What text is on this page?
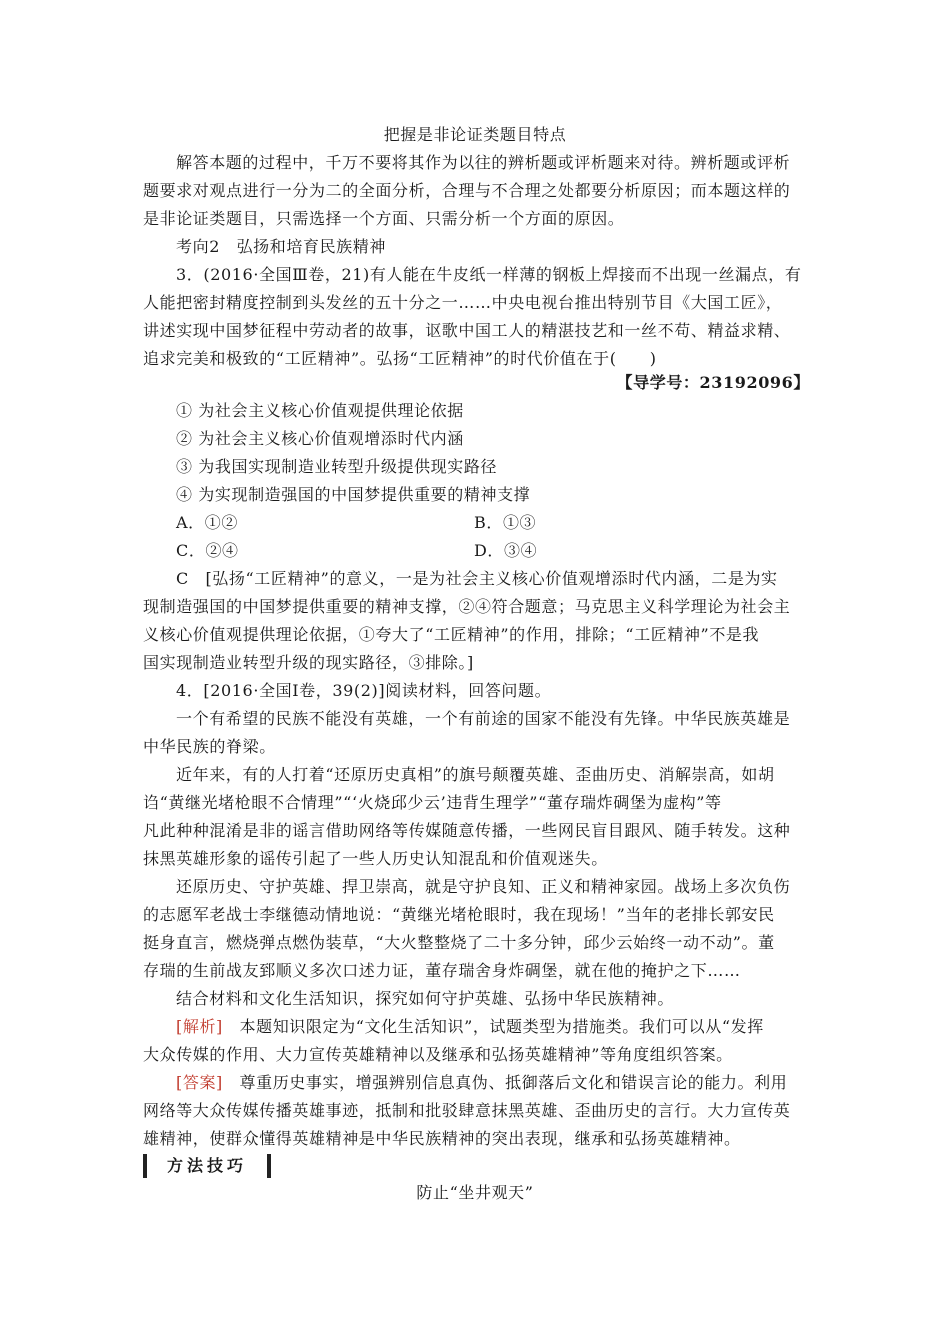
把握是非论证类题目特点
解答本题的过程中，千万不要将其作为以往的辨析题或评析题来对待。辨析题或评析
题要求对观点进行一分为二的全面分析，合理与不合理之处都要分析原因；而本题这样的
是非论证类题目，只需选择一个方面、只需分析一个方面的原因。
考向2　弘扬和培育民族精神
3．(2016·全国Ⅲ卷，21)有人能在牛皮纸一样薄的钢板上焊接而不出现一丝漏点，有
人能把密封精度控制到头发丝的五十分之一……中央电视台推出特别节目《大国工匠》，
讲述实现中国梦征程中劳动者的故事，讴歌中国工人的精湛技艺和一丝不苟、精益求精、
追求完美和极致的“工匠精神”。弘扬“工匠精神”的时代价值在于(　　)
【导学号：23192096】
① 为社会主义核心价值观提供理论依据
② 为社会主义核心价值观增添时代内涵
③ 为我国实现制造业转型升级提供现实路径
④ 为实现制造强国的中国梦提供重要的精神支撑
A．①②	B．①③
C．②④	D．③④
C　[弘扬“工匠精神”的意义，一是为社会主义核心价值观增添时代内涵，二是为实
现制造强国的中国梦提供重要的精神支撑，②④符合题意；马克思主义科学理论为社会主
义核心价值观提供理论依据，①夸大了“工匠精神”的作用，排除；“工匠精神”不是我
国实现制造业转型升级的现实路径，③排除。]
4．[2016·全国Ⅰ卷，39(2)]阅读材料，回答问题。
一个有希望的民族不能没有英雄，一个有前途的国家不能没有先锋。中华民族英雄是
中华民族的脊梁。
近年来，有的人打着“还原历史真相”的旗号颠覆英雄、歪曲历史、消解崇高，如胡
诌“黄继光堵枪眼不合情理”“‘火烧邱少云’违背生理学”“董存瑞炸碉堡为虚构”等
凡此种种混淆是非的谣言借助网络等传媒随意传播，一些网民盲目跟风、随手转发。这种
抹黑英雄形象的谣传引起了一些人历史认知混乱和价值观迷失。
还原历史、守护英雄、捍卫崇高，就是守护良知、正义和精神家园。战场上多次负伤
的志愿军老战士李继德动情地说：“黄继光堵枪眼时，我在现场！”当年的老排长郭安民
挺身直言，燃烧弹点燃伪装草，“大火整整烧了二十多分钟，邱少云始终一动不动”。董
存瑞的生前战友郅顺义多次口述力证，董存瑞舍身炸碉堡，就在他的掩护之下……
结合材料和文化生活知识，探究如何守护英雄、弘扬中华民族精神。
[解析]　本题知识限定为“文化生活知识”，试题类型为措施类。我们可以从“发挥
大众传媒的作用、大力宣传英雄精神以及继承和弘扬英雄精神”等角度组织答案。
[答案]　尊重历史事实，增强辨别信息真伪、抵御落后文化和错误言论的能力。利用
网络等大众传媒传播英雄事迹，抵制和批驳肆意抹黑英雄、歪曲历史的言行。大力宣传英
雄精神，使群众懂得英雄精神是中华民族精神的突出表现，继承和弘扬英雄精神。
方法技巧
防止“坐井观天”
